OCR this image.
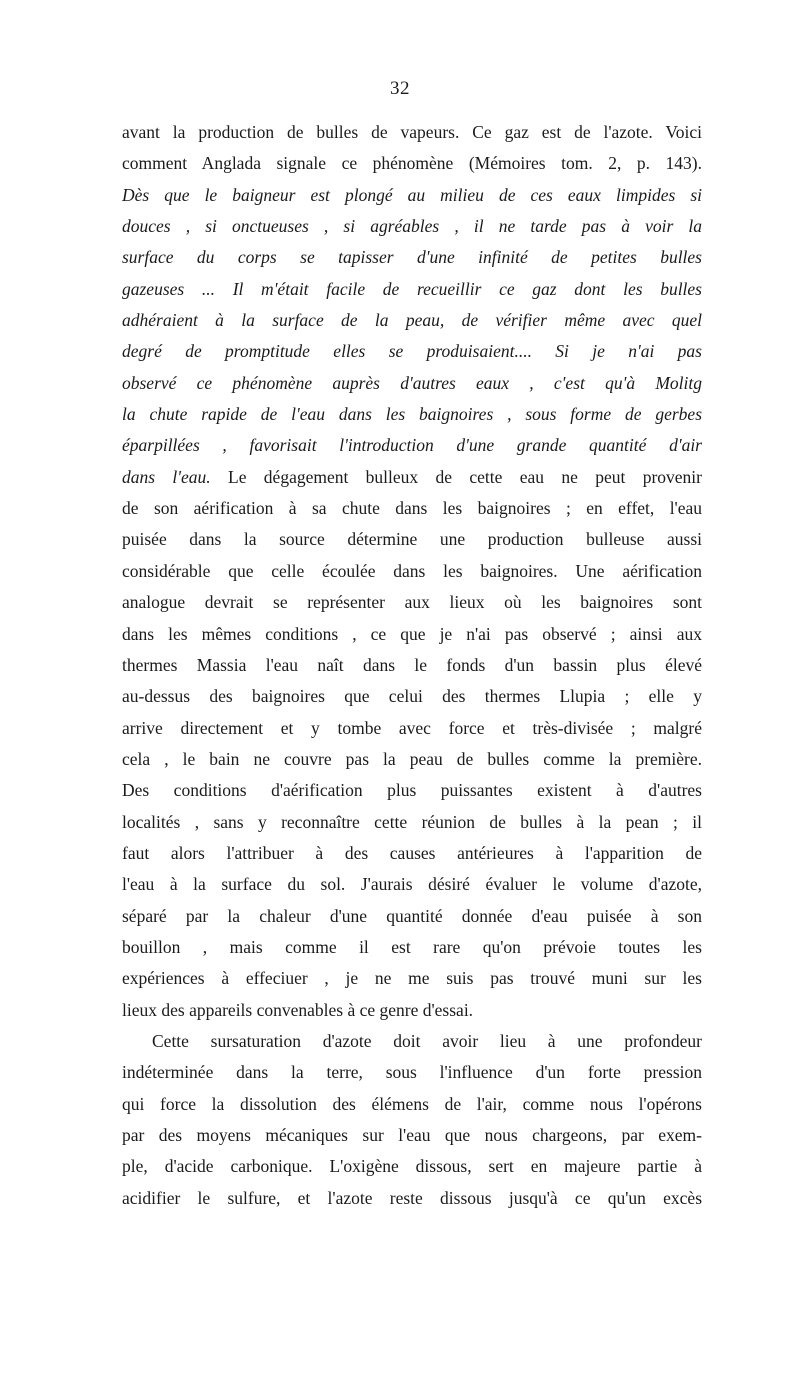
32
avant la production de bulles de vapeurs. Ce gaz est de l'azote. Voici
comment Anglada signale ce phénomène (Mémoires tom. 2, p. 143).
Dès que le baigneur est plongé au milieu de ces eaux limpides si
douces , si onctueuses , si agréables , il ne tarde pas à voir la
surface du corps se tapisser d'une infinité de petites bulles
gazeuses ... Il m'était facile de recueillir ce gaz dont les bulles
adhéraient à la surface de la peau, de vérifier même avec quel
degré de promptitude elles se produisaient.... Si je n'ai pas
observé ce phénomène auprès d'autres eaux , c'est qu'à Molitg
la chute rapide de l'eau dans les baignoires , sous forme de gerbes
éparpillées , favorisait l'introduction d'une grande quantité d'air
dans l'eau. Le dégagement bulleux de cette eau ne peut provenir
de son aérification à sa chute dans les baignoires ; en effet, l'eau
puisée dans la source détermine une production bulleuse aussi
considérable que celle écoulée dans les baignoires. Une aérification
analogue devrait se représenter aux lieux où les baignoires sont
dans les mêmes conditions , ce que je n'ai pas observé ; ainsi aux
thermes Massia l'eau naît dans le fonds d'un bassin plus élevé
au-dessus des baignoires que celui des thermes Llupia ; elle y
arrive directement et y tombe avec force et très-divisée ; malgré
cela , le bain ne couvre pas la peau de bulles comme la première.
Des conditions d'aérification plus puissantes existent à d'autres
localités , sans y reconnaître cette réunion de bulles à la pean ; il
faut alors l'attribuer à des causes antérieures à l'apparition de
l'eau à la surface du sol. J'aurais désiré évaluer le volume d'azote,
séparé par la chaleur d'une quantité donnée d'eau puisée à son
bouillon , mais comme il est rare qu'on prévoie toutes les
expériences à effeciuer , je ne me suis pas trouvé muni sur les
lieux des appareils convenables à ce genre d'essai.
Cette sursaturation d'azote doit avoir lieu à une profondeur
indéterminée dans la terre, sous l'influence d'un forte pression
qui force la dissolution des élémens de l'air, comme nous l'opérons
par des moyens mécaniques sur l'eau que nous chargeons, par exem-
ple, d'acide carbonique. L'oxigène dissous, sert en majeure partie à
acidifier le sulfure, et l'azote reste dissous jusqu'à ce qu'un excès
